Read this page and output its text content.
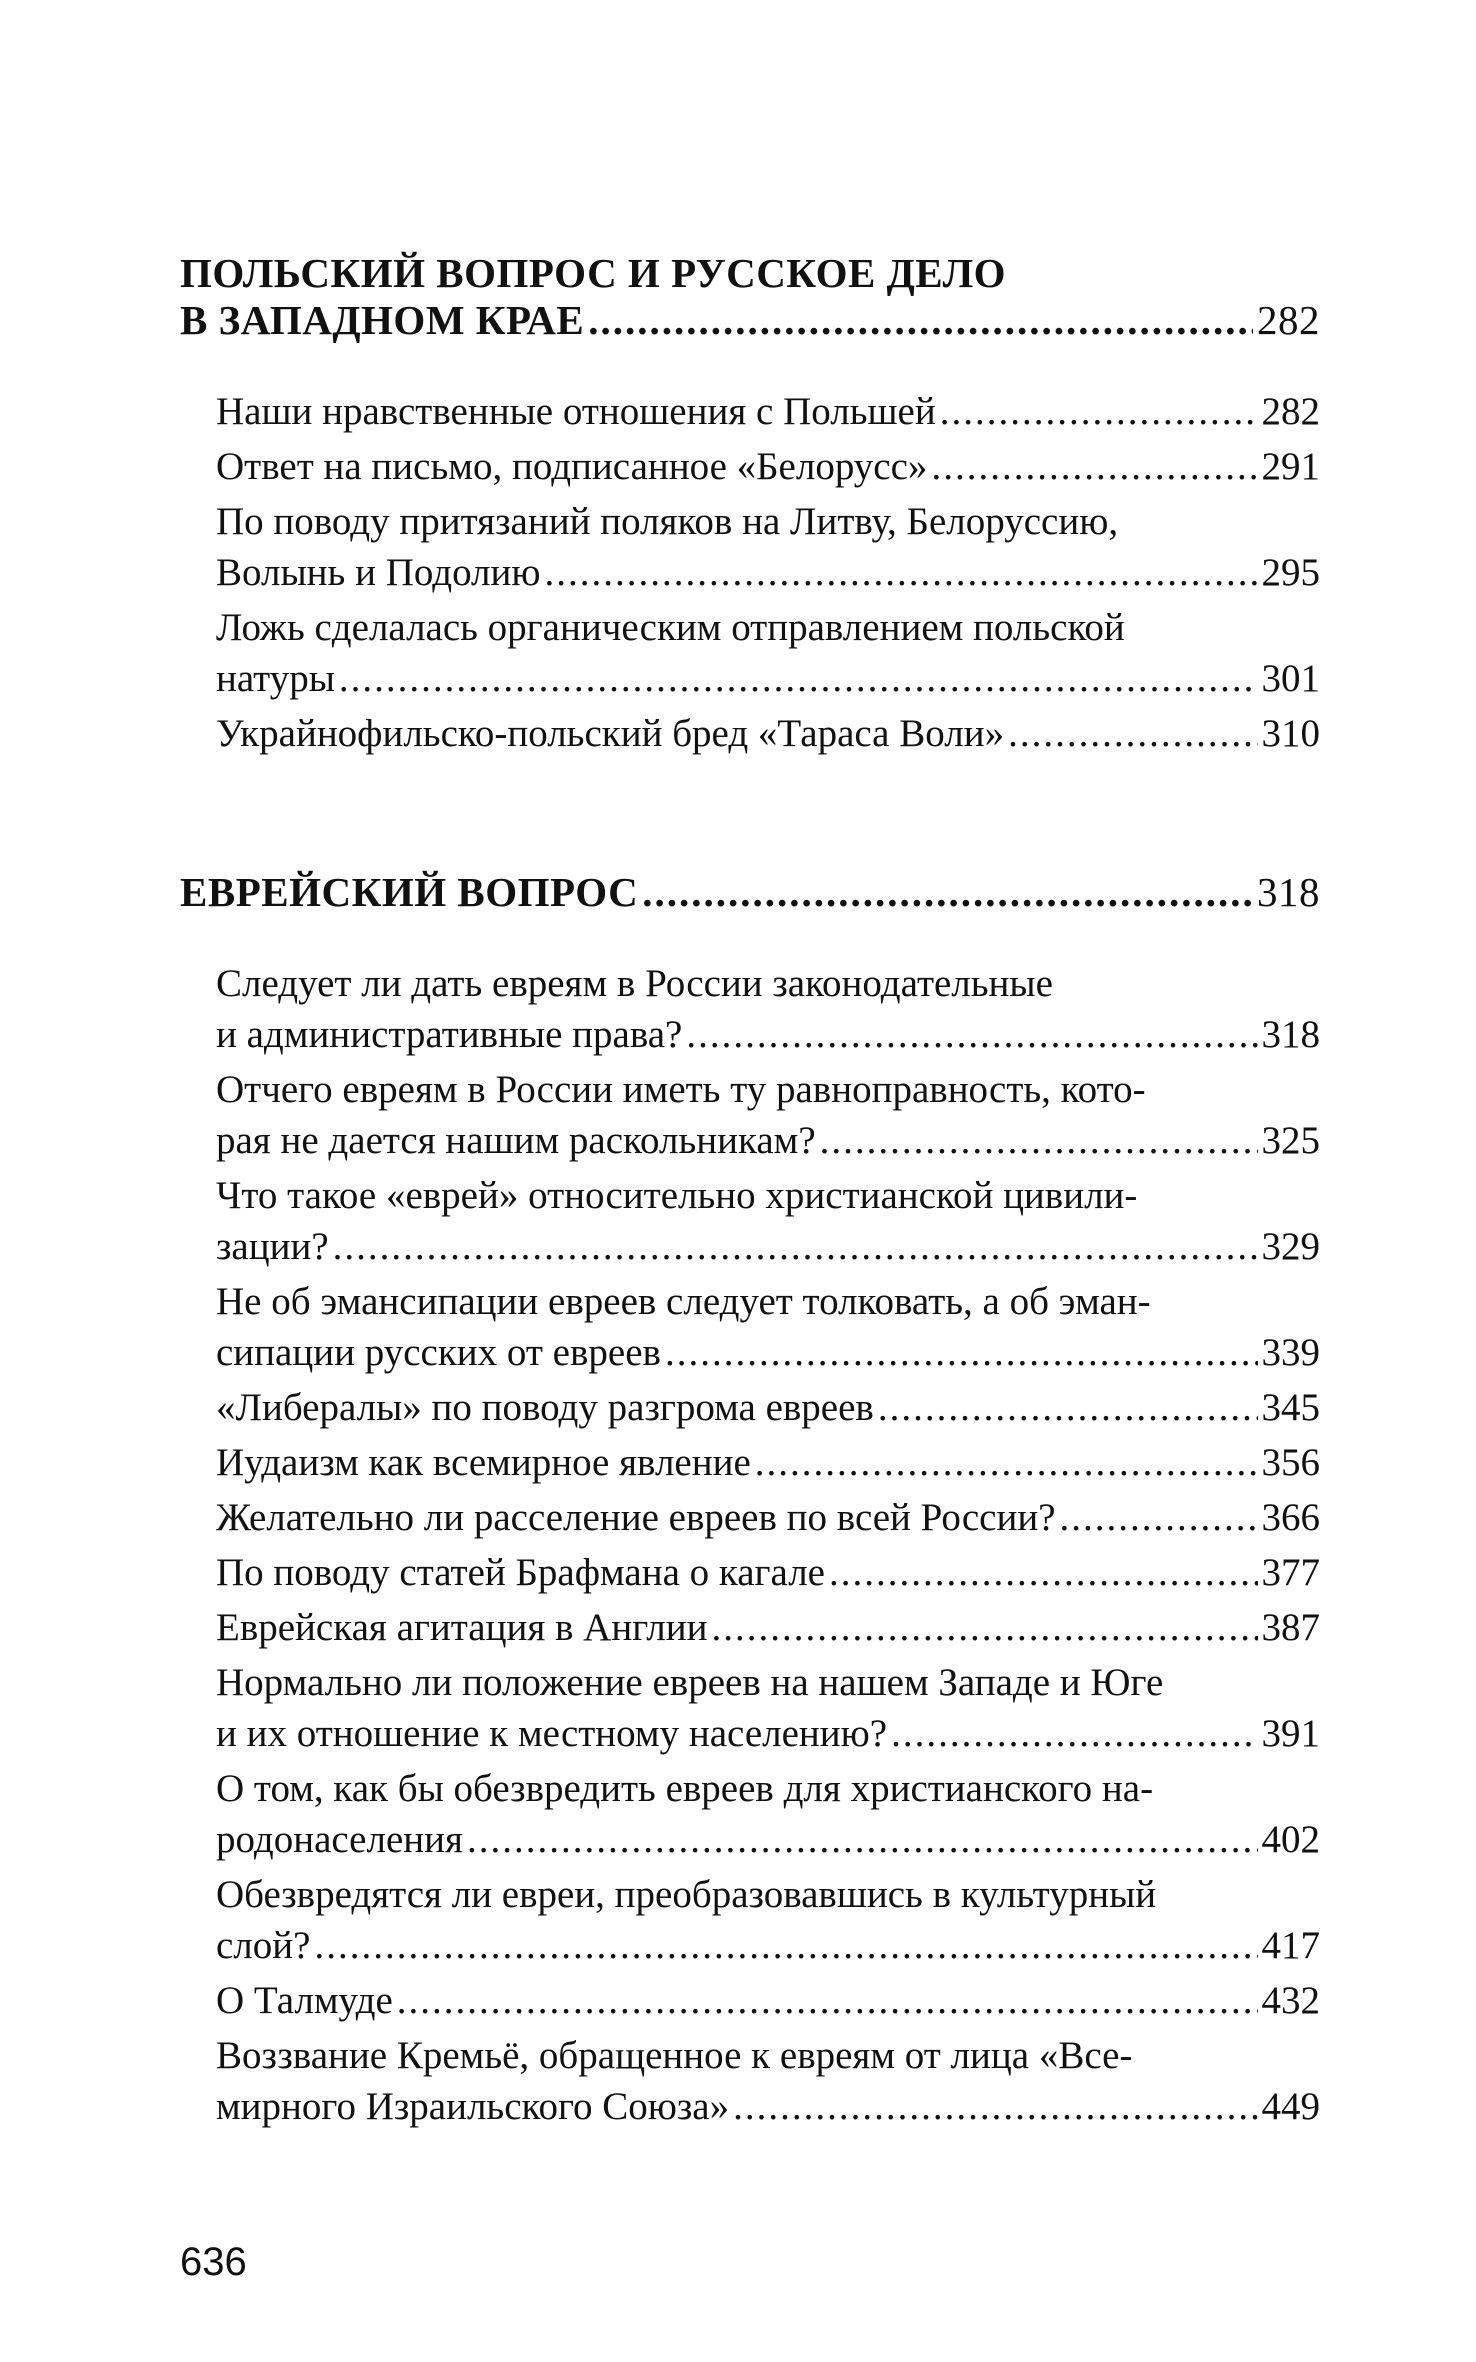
ПОЛЬСКИЙ ВОПРОС И РУССКОЕ ДЕЛО
В ЗАПАДНОМ КРАЕ .....	282
Наши нравственные отношения с Польшей .....	282
Ответ на письмо, подписанное «Белорусс» .....	291
По поводу притязаний поляков на Литву, Белоруссию,
Волынь и Подолию .....	295
Ложь сделалась органическим отправлением польской
натуры .....	301
Украйнофильско-польский бред «Тараса Воли» .....	310
ЕВРЕЙСКИЙ ВОПРОС .....	318
Следует ли дать евреям в России законодательные
и административные права? .....	318
Отчего евреям в России иметь ту равноправность, кото-
рая не дается нашим раскольникам? .....	325
Что такое «еврей» относительно христианской цивили-
зации? .....	329
Не об эмансипации евреев следует толковать, а об эман-
сипации русских от евреев .....	339
«Либералы» по поводу разгрома евреев .....	345
Иудаизм как всемирное явление .....	356
Желательно ли расселение евреев по всей России? .....	366
По поводу статей Брафмана о кагале .....	377
Еврейская агитация в Англии .....	387
Нормально ли положение евреев на нашем Западе и Юге
и их отношение к местному населению? .....	391
О том, как бы обезвредить евреев для христианского на-
родонаселения .....	402
Обезвредятся ли евреи, преобразовавшись в культурный
слой? .....	417
О Талмуде .....	432
Воззвание Кремьё, обращенное к евреям от лица «Все-
мирного Израильского Союза» .....	449
636
